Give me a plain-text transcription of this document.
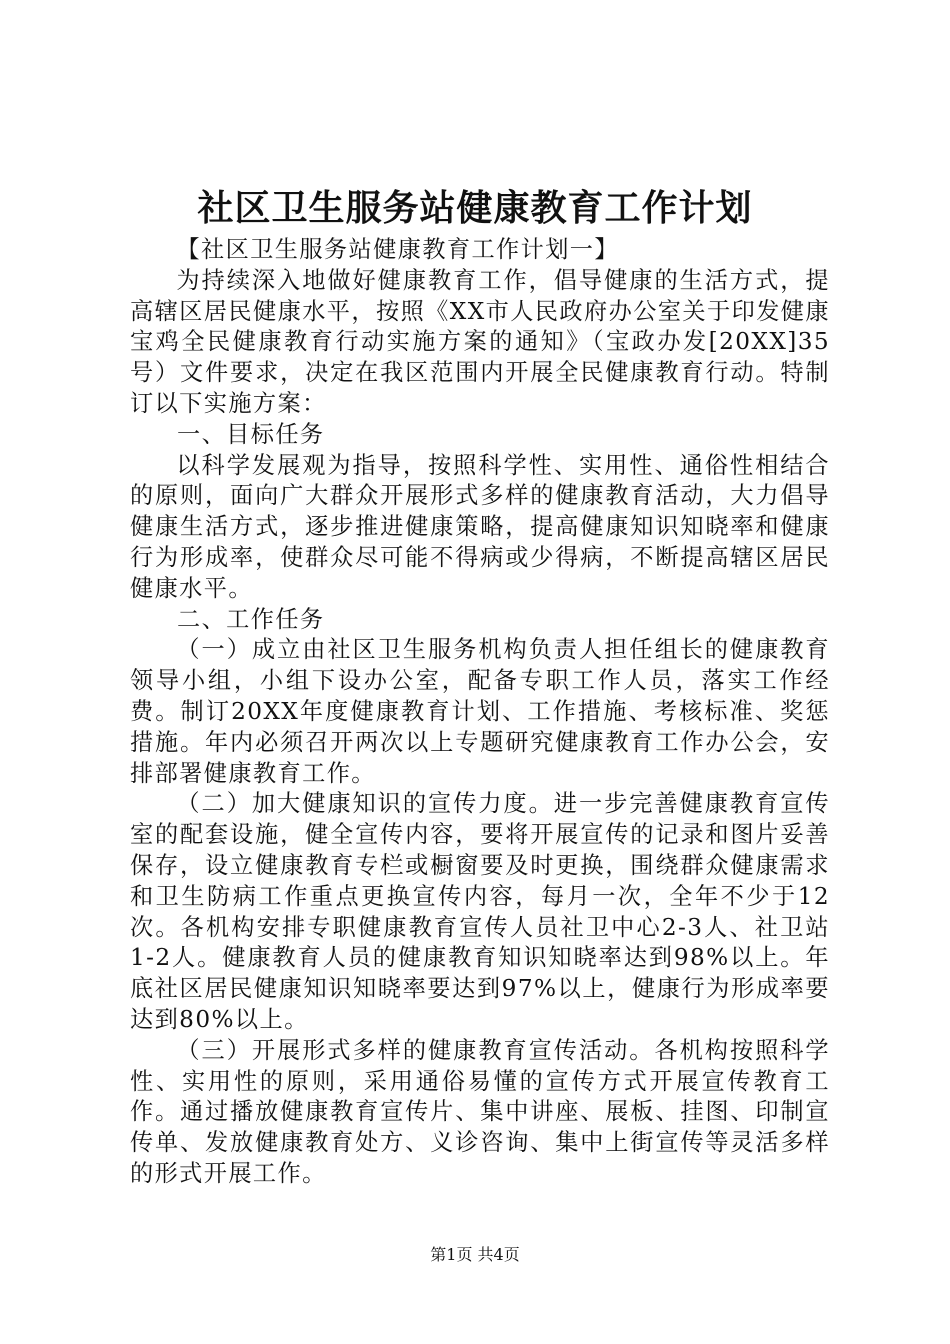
社区卫生服务站健康教育工作计划

【社区卫生服务站健康教育工作计划一】

为持续深入地做好健康教育工作，倡导健康的生活方式，提高辖区居民健康水平，按照《XX市人民政府办公室关于印发健康宝鸡全民健康教育行动实施方案的通知》（宝政办发[20XX]35号）文件要求，决定在我区范围内开展全民健康教育行动。特制订以下实施方案：

一、目标任务

以科学发展观为指导，按照科学性、实用性、通俗性相结合的原则，面向广大群众开展形式多样的健康教育活动，大力倡导健康生活方式，逐步推进健康策略，提高健康知识知晓率和健康行为形成率，使群众尽可能不得病或少得病，不断提高辖区居民健康水平。

二、工作任务

（一）成立由社区卫生服务机构负责人担任组长的健康教育领导小组，小组下设办公室，配备专职工作人员，落实工作经费。制订20XX年度健康教育计划、工作措施、考核标准、奖惩措施。年内必须召开两次以上专题研究健康教育工作办公会，安排部署健康教育工作。

（二）加大健康知识的宣传力度。进一步完善健康教育宣传室的配套设施，健全宣传内容，要将开展宣传的记录和图片妥善保存，设立健康教育专栏或橱窗要及时更换，围绕群众健康需求和卫生防病工作重点更换宣传内容，每月一次，全年不少于12次。各机构安排专职健康教育宣传人员社卫中心2-3人、社卫站1-2人。健康教育人员的健康教育知识知晓率达到98%以上。年底社区居民健康知识知晓率要达到97%以上，健康行为形成率要达到80%以上。

（三）开展形式多样的健康教育宣传活动。各机构按照科学性、实用性的原则，采用通俗易懂的宣传方式开展宣传教育工作。通过播放健康教育宣传片、集中讲座、展板、挂图、印制宣传单、发放健康教育处方、义诊咨询、集中上街宣传等灵活多样的形式开展工作。

第1页 共4页
